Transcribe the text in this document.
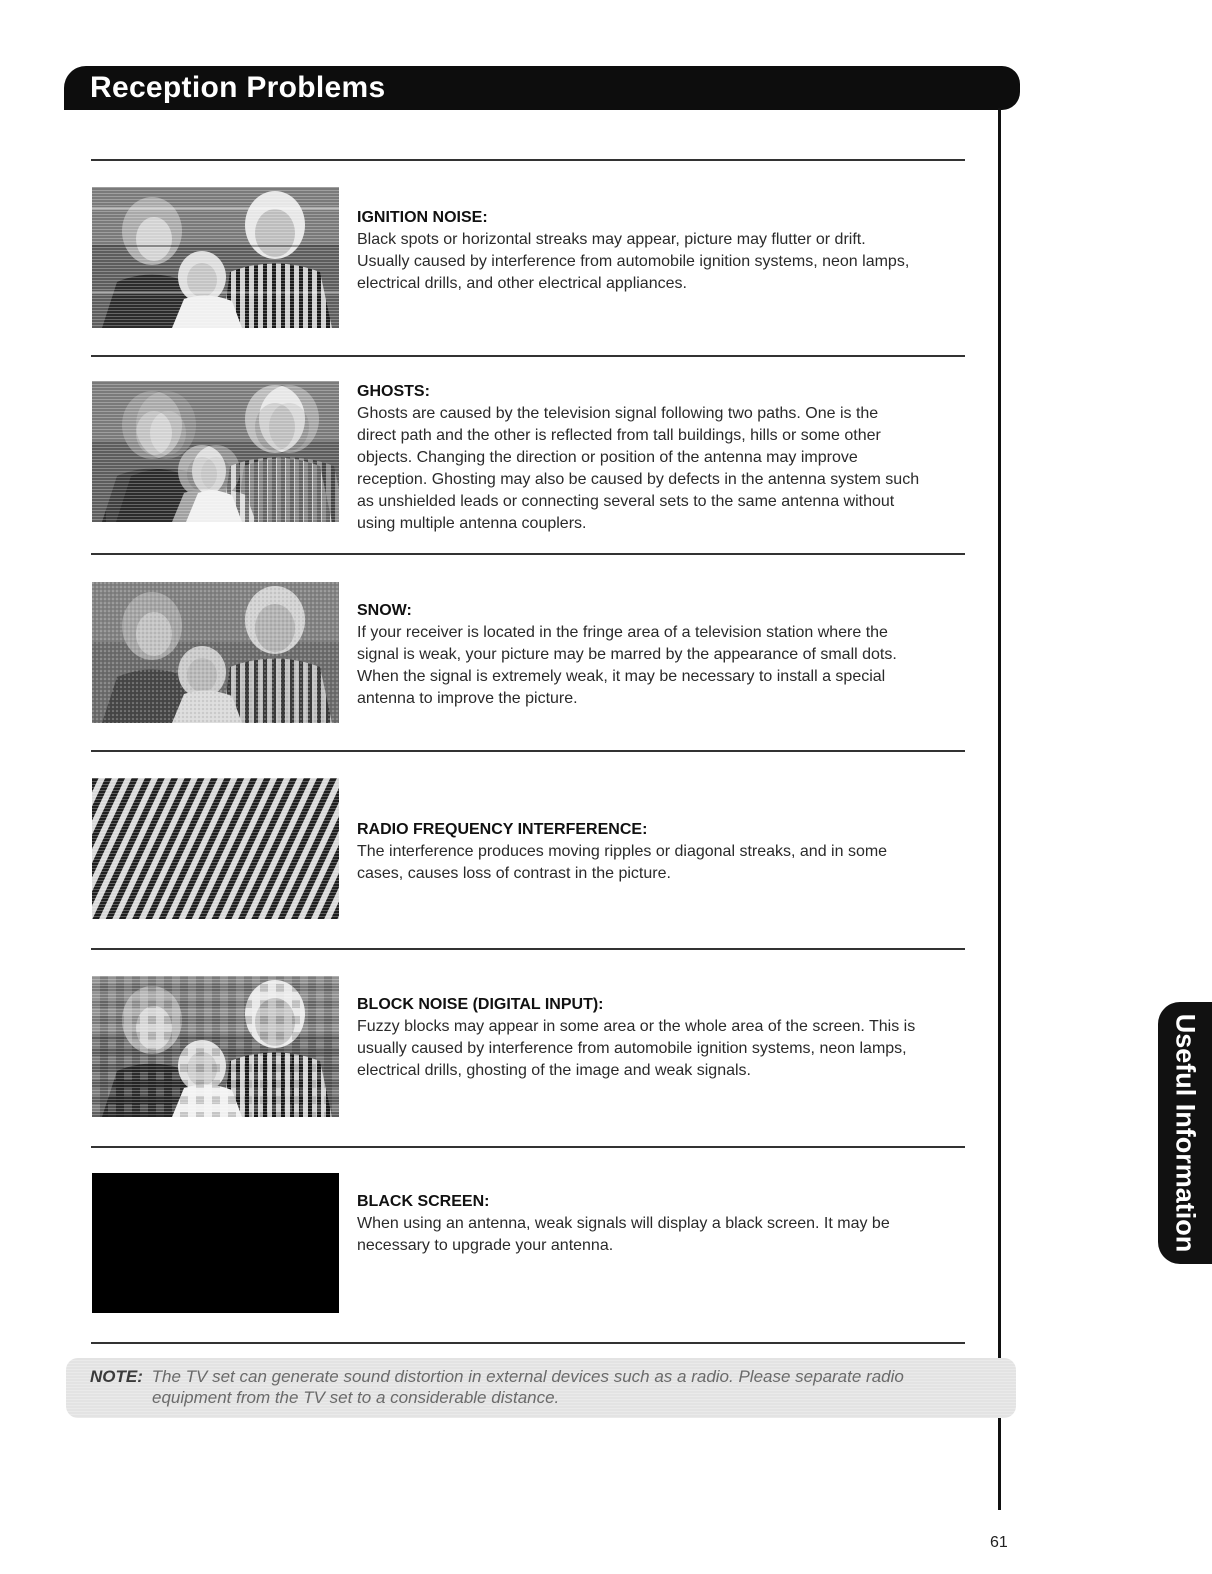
Reception Problems
IGNITION NOISE:

Black spots or horizontal streaks may appear, picture may flutter or drift.
Usually caused by interference from automobile ignition systems, neon lamps,
electrical drills, and other electrical appliances.

GHOSTS:

Ghosts are caused by the television signal following two paths. One is the
direct path and the other is reflected from tall buildings, hills or some other
objects. Changing the direction or position of the antenna may improve
reception. Ghosting may also be caused by defects in the antenna system such
as unshielded leads or connecting several sets to the same antenna without
using multiple antenna couplers.

SNOW:

If your receiver is located in the fringe area of a television station where the
signal is weak, your picture may be marred by the appearance of small dots.
When the signal is extremely weak, it may be necessary to install a special
antenna to improve the picture.

RADIO FREQUENCY INTERFERENCE:

The interference produces moving ripples or diagonal streaks, and in some
cases, causes loss of contrast in the picture.

BLOCK NOISE (DIGITAL INPUT):

Fuzzy blocks may appear in some area or the whole area of the screen. This is
usually caused by interference from automobile ignition systems, neon lamps,
electrical drills, ghosting of the image and weak signals.

BLACK SCREEN:

When using an antenna, weak signals will display a black screen. It may be
necessary to upgrade your antenna.

NOTE: The TV set can generate sound distortion in external devices such as a radio. Please separate radio
equipment from the TV set to a considerable distance.
Useful Information
61
